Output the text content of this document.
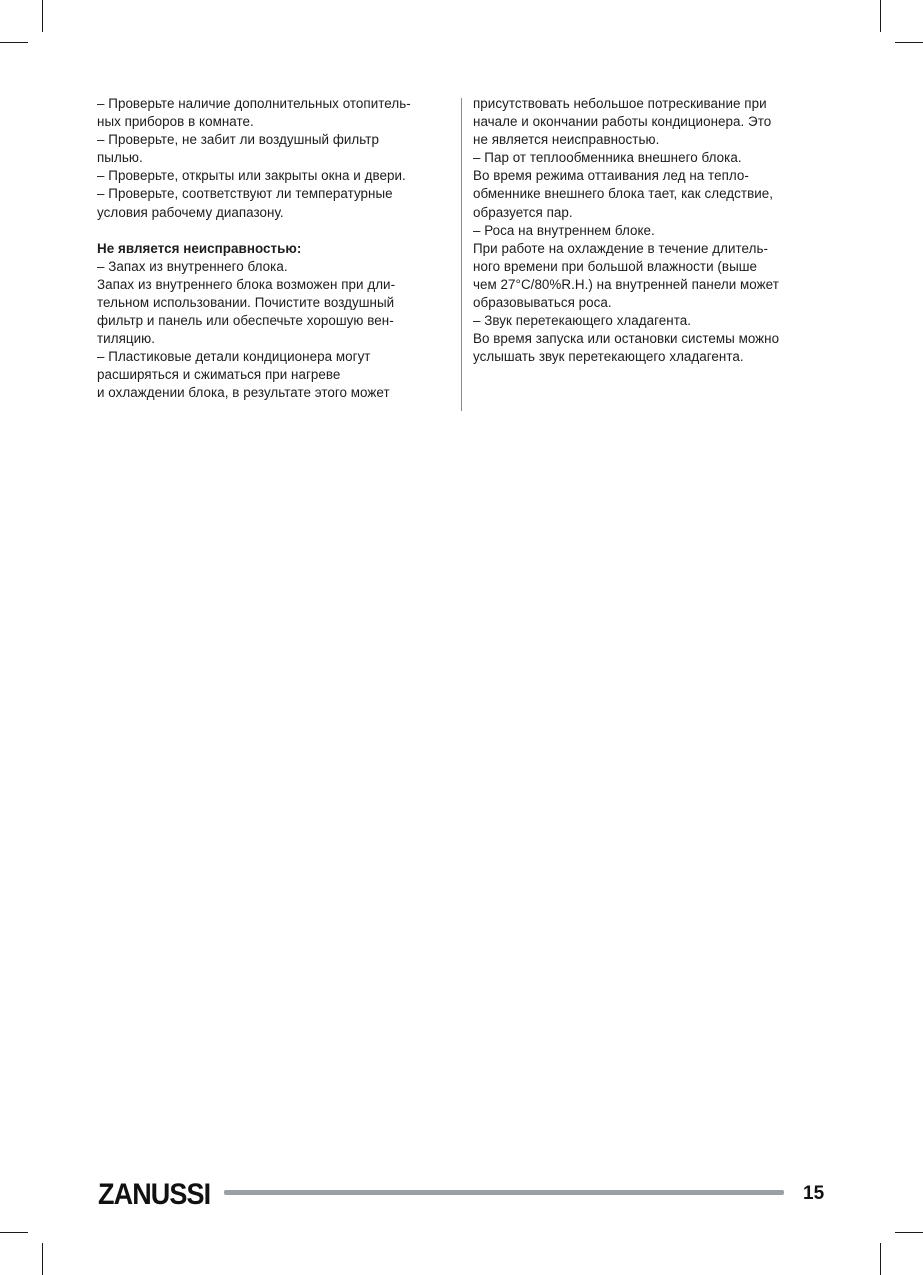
– Проверьте наличие дополнительных отопитель-
ных приборов в комнате.
– Проверьте, не забит ли воздушный фильтр
пылью.
– Проверьте, открыты или закрыты окна и двери.
– Проверьте, соответствуют ли температурные
условия рабочему диапазону.
Не является неисправностью:
– Запах из внутреннего блока.
Запах из внутреннего блока возможен при дли-
тельном использовании. Почистите воздушный
фильтр и панель или обеспечьте хорошую вен-
тиляцию.
– Пластиковые детали кондиционера могут
расширяться и сжиматься при нагреве
и охлаждении блока, в результате этого может
присутствовать небольшое потрескивание при
начале и окончании работы кондиционера. Это
не является неисправностью.
– Пар от теплообменника внешнего блока.
Во время режима оттаивания лед на тепло-
обменнике внешнего блока тает, как следствие,
образуется пар.
– Роса на внутреннем блоке.
При работе на охлаждение в течение длитель-
ного времени при большой влажности (выше
чем 27°C/80%R.H.) на внутренней панели может
образовываться роса.
– Звук перетекающего хладагента.
Во время запуска или остановки системы можно
услышать звук перетекающего хладагента.
ZANUSSI	15
